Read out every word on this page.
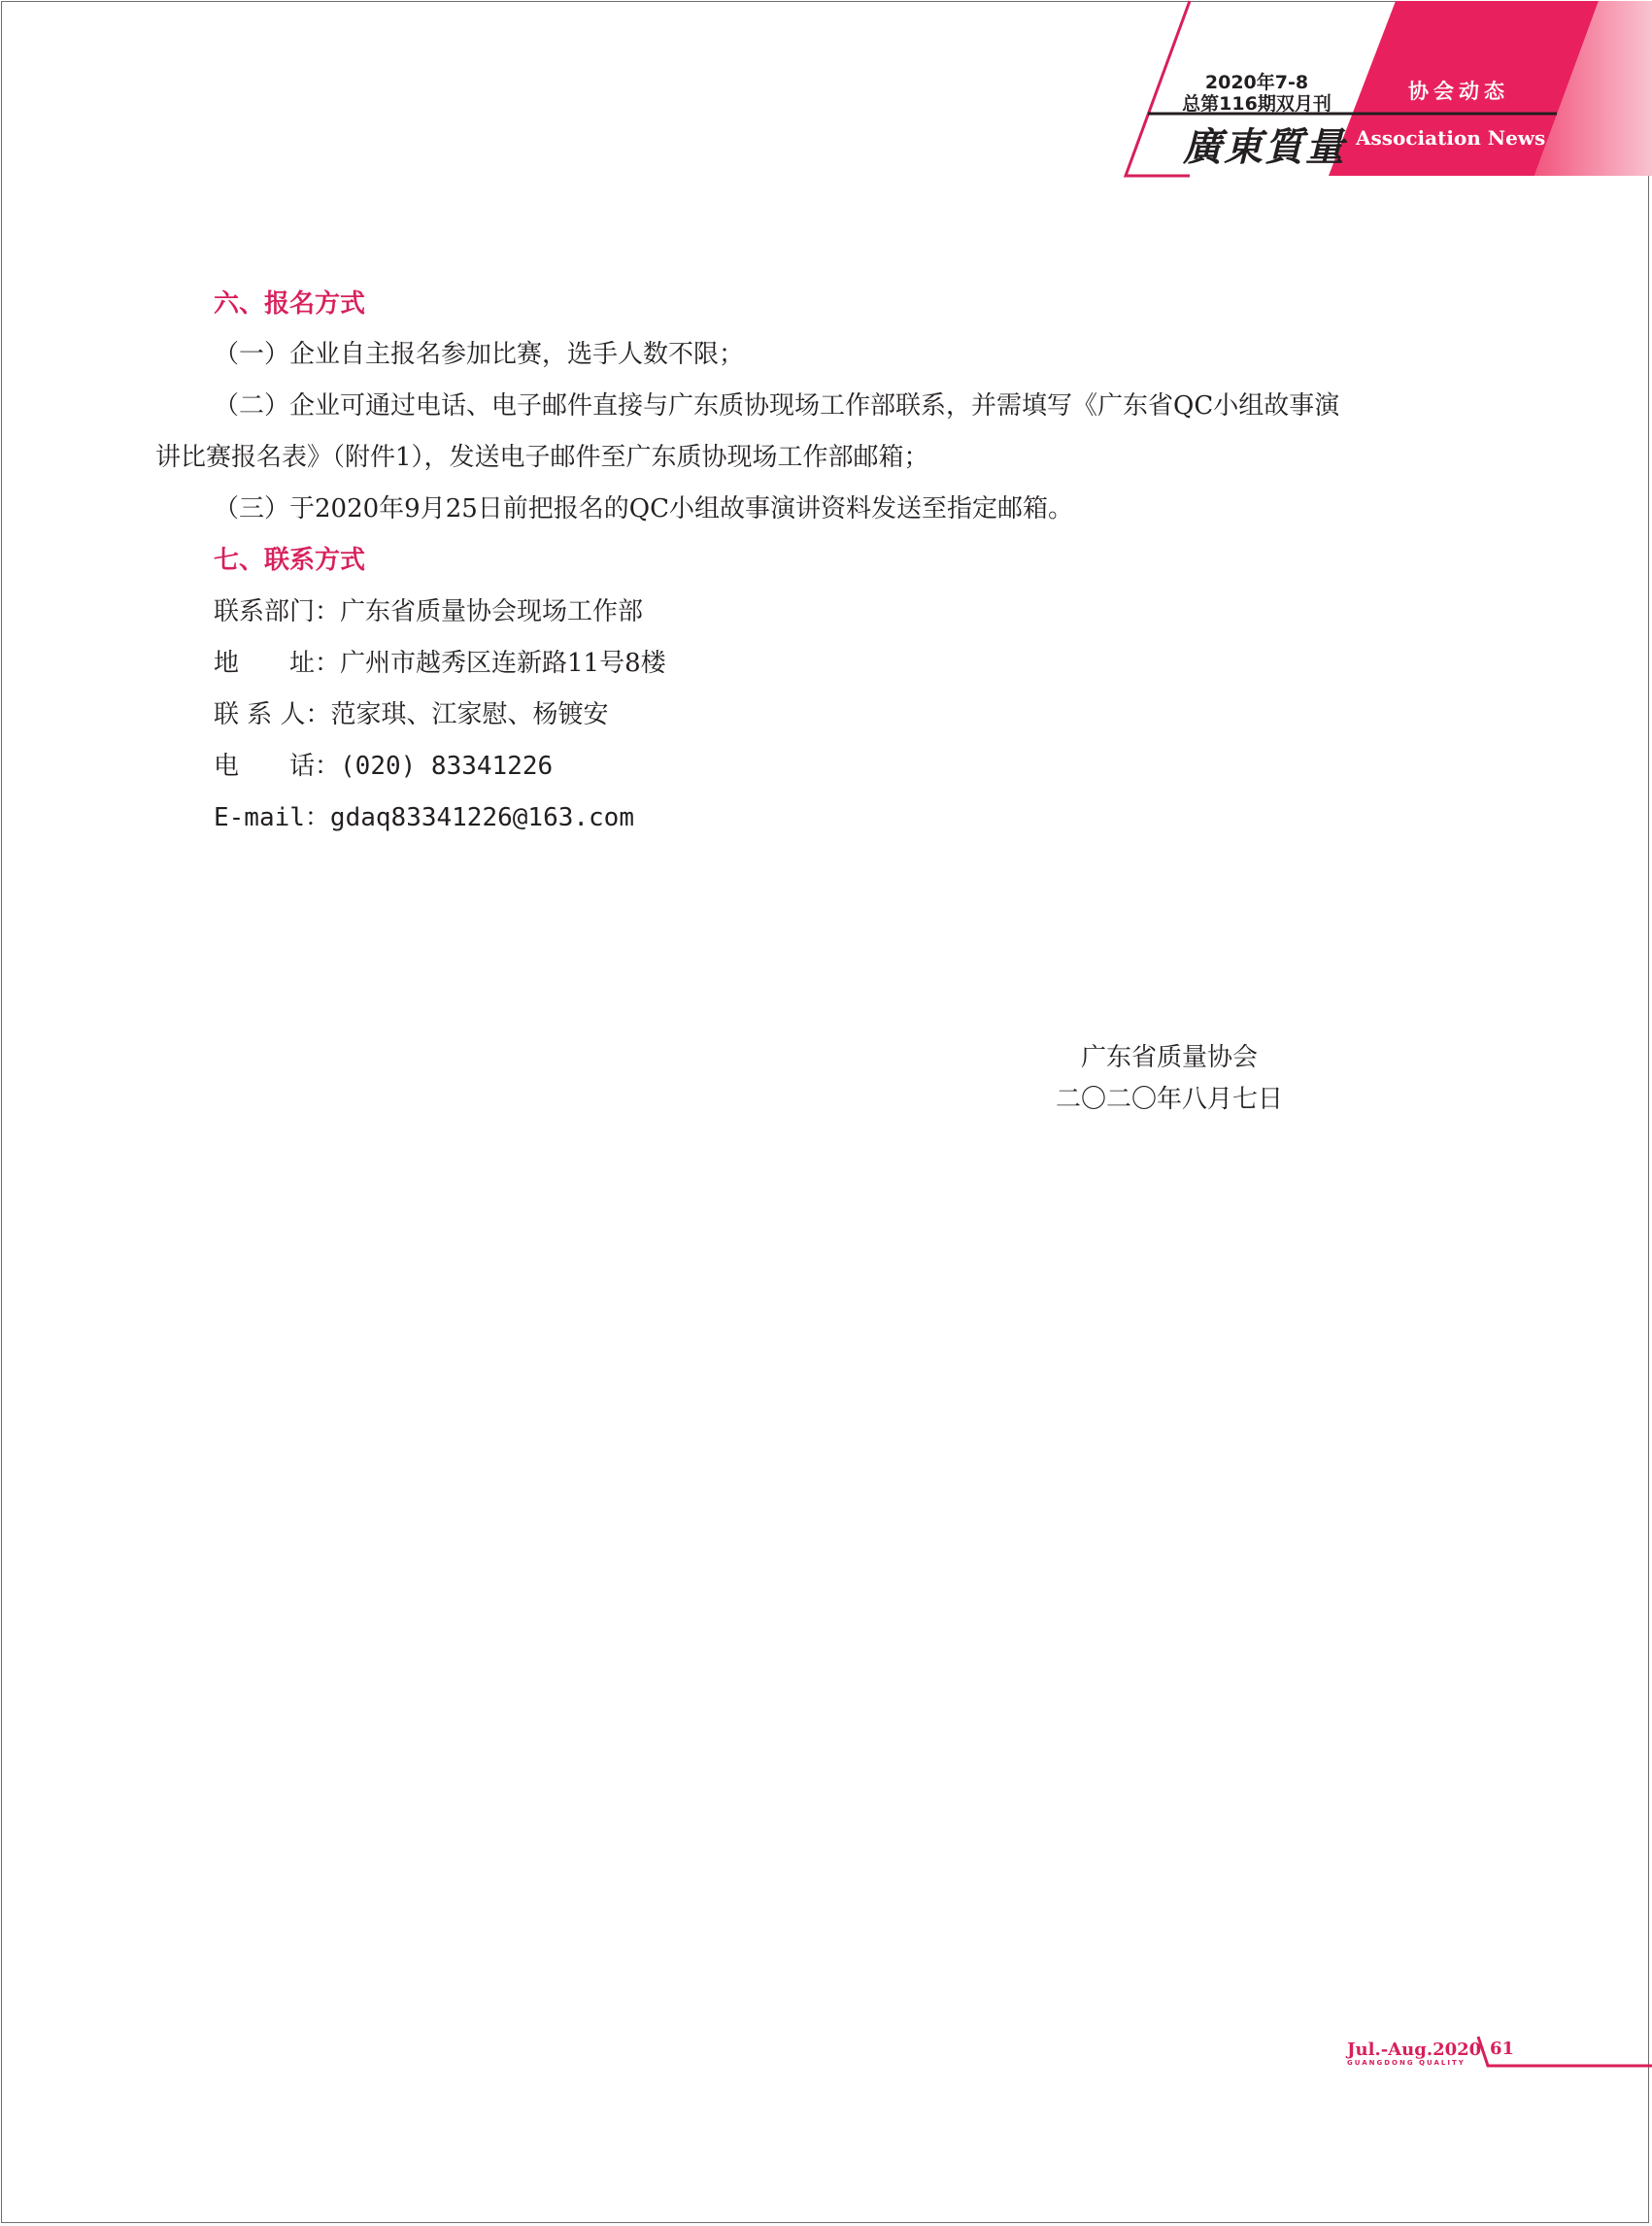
2020年7-8
总第116期双月刊
廣東質量
协会动态
Association News
六、报名方式
（一）企业自主报名参加比赛，选手人数不限；
（二）企业可通过电话、电子邮件直接与广东质协现场工作部联系，并需填写《广东省QC小组故事演
讲比赛报名表》（附件1），发送电子邮件至广东质协现场工作部邮箱；
（三）于2020年9月25日前把报名的QC小组故事演讲资料发送至指定邮箱。
七、联系方式
联系部门：广东省质量协会现场工作部
地　　址：广州市越秀区连新路11号8楼
联 系 人：范家琪、江家慰、杨镀安
电　　话：(020) 83341226
E-mail：gdaq83341226@163.com
广东省质量协会
二〇二〇年八月七日
Jul.-Aug.2020
GUANGDONG QUALITY
61
